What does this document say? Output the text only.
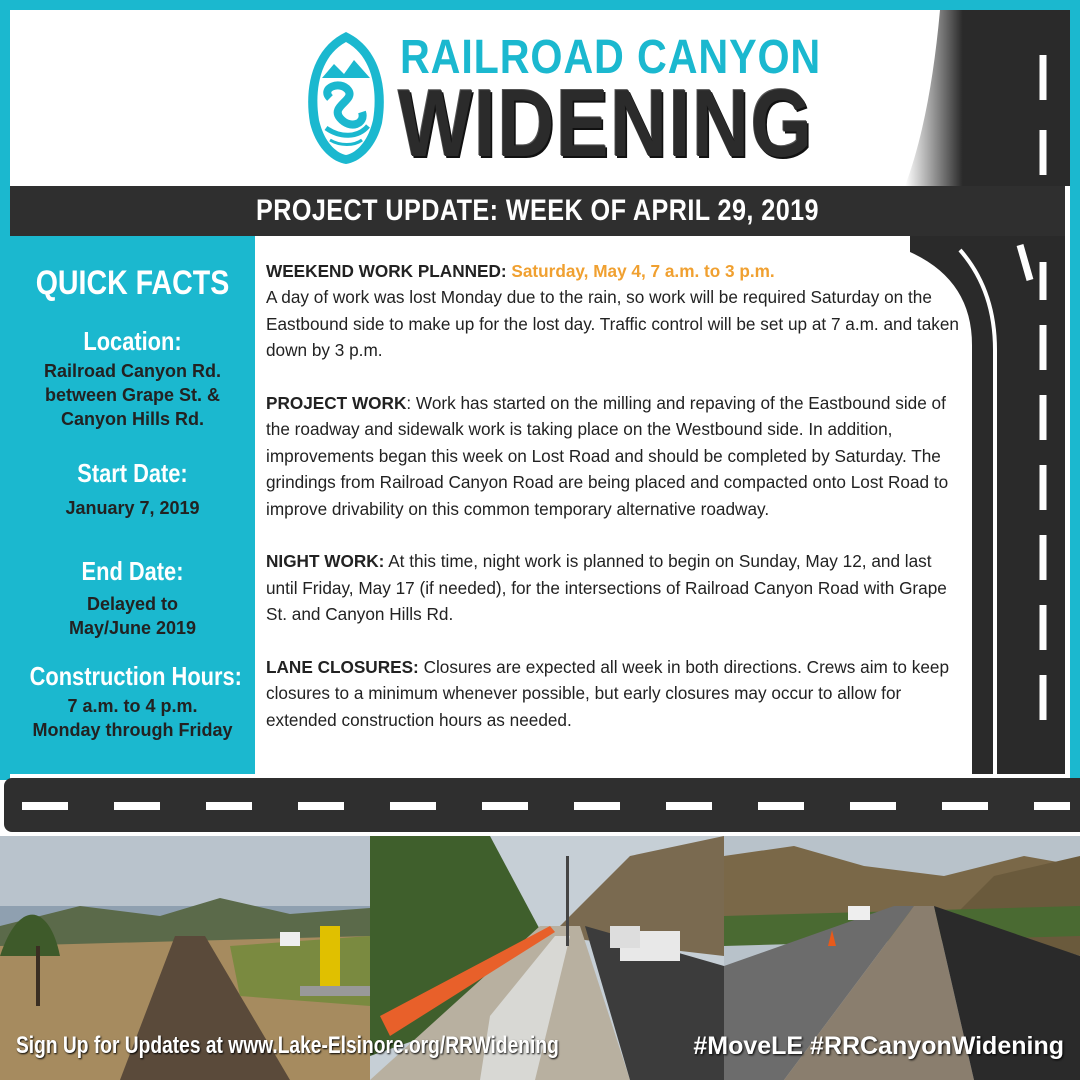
RAILROAD CANYON
WIDENING
PROJECT UPDATE: WEEK OF APRIL 29, 2019
QUICK FACTS
Location:
Railroad Canyon Rd.
between Grape St. &
Canyon Hills Rd.
Start Date:
January 7, 2019
End Date:
Delayed to
May/June 2019
Construction Hours:
7 a.m. to 4 p.m.
Monday through Friday

WEEKEND WORK PLANNED: Saturday, May 4, 7 a.m. to 3 p.m.
A day of work was lost Monday due to the rain, so work will be required Saturday on the Eastbound side to make up for the lost day. Traffic control will be set up at 7 a.m. and taken down by 3 p.m.

PROJECT WORK: Work has started on the milling and repaving of the Eastbound side of the roadway and sidewalk work is taking place on the Westbound side. In addition, improvements began this week on Lost Road and should be completed by Saturday. The grindings from Railroad Canyon Road are being placed and compacted onto Lost Road to improve drivability on this common temporary alternative roadway.

NIGHT WORK: At this time, night work is planned to begin on Sunday, May 12, and last until Friday, May 17 (if needed), for the intersections of Railroad Canyon Road with Grape St. and Canyon Hills Rd.

LANE CLOSURES: Closures are expected all week in both directions. Crews aim to keep closures to a minimum whenever possible, but early closures may occur to allow for extended construction hours as needed.

Sign Up for Updates at www.Lake-Elsinore.org/RRWidening	#MoveLE #RRCanyonWidening
